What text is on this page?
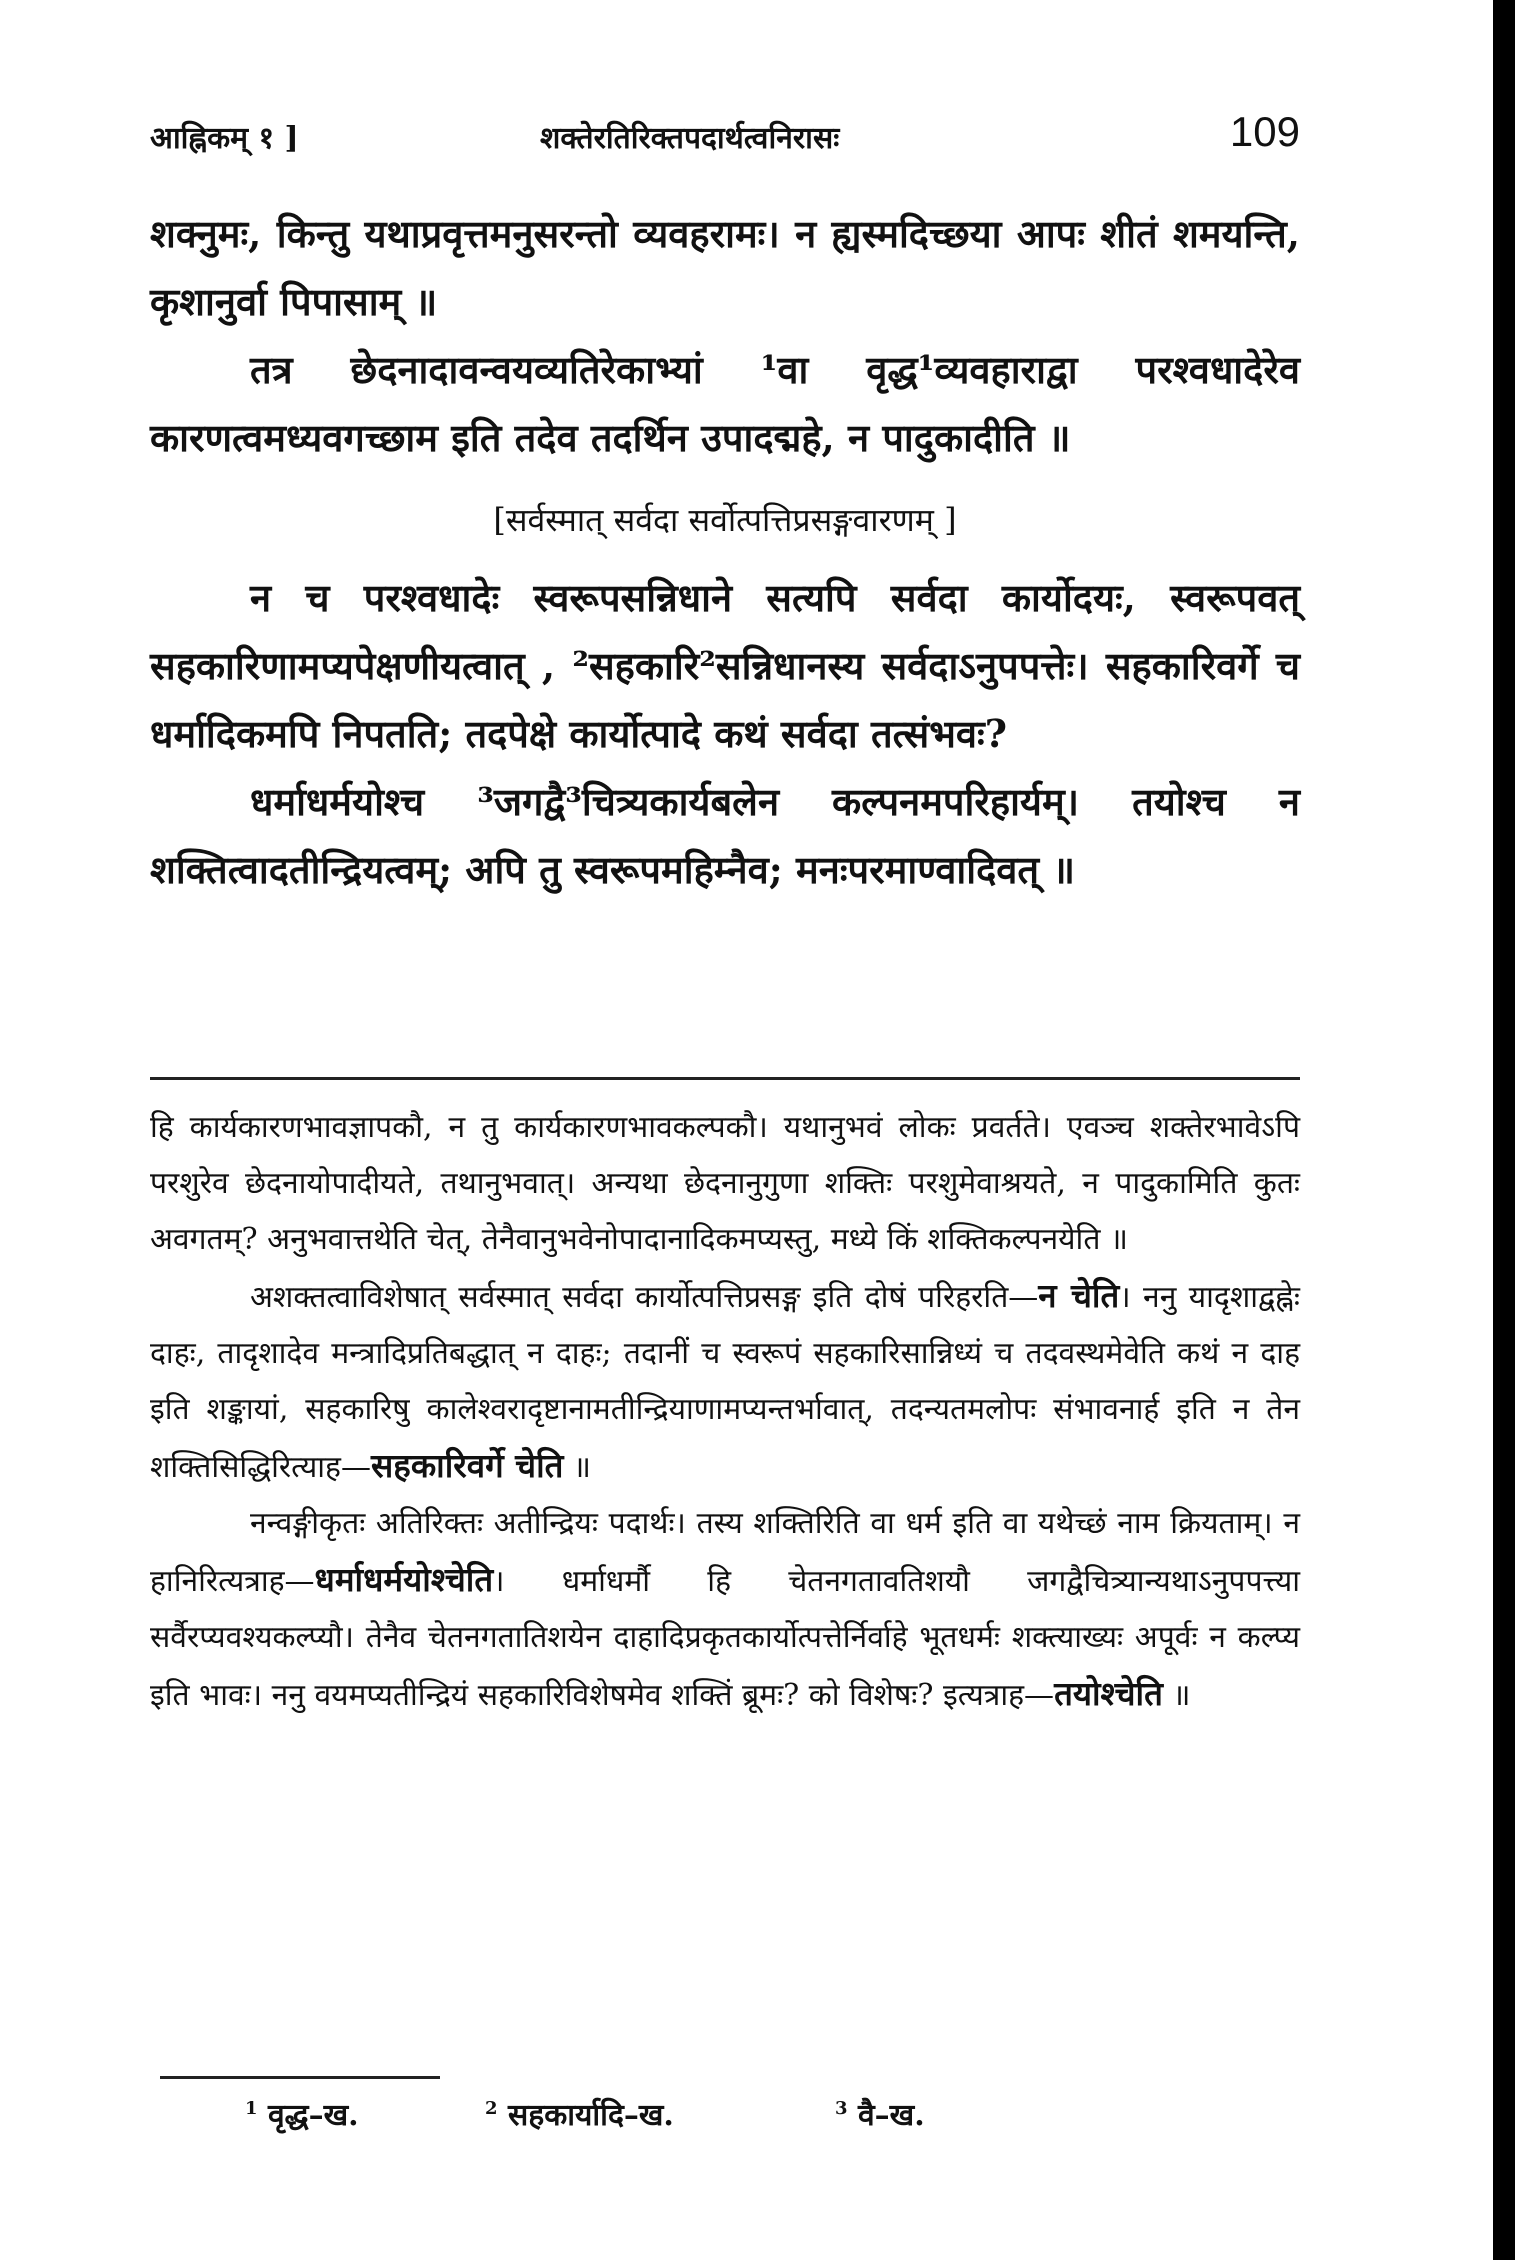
आह्निकम् १ ]	शक्तेरतिरिक्तपदार्थत्वनिरासः	109

शक्नुमः, किन्तु यथाप्रवृत्तमनुसरन्तो व्यवहरामः। न ह्यस्मदिच्छया आपः शीतं शमयन्ति, कृशानुर्वा पिपासाम् ॥

तत्र छेदनादावन्वयव्यतिरेकाभ्यां ¹वा वृद्ध¹व्यवहाराद्वा परश्वधादेरेव कारणत्वमध्यवगच्छाम इति तदेव तदर्थिन उपादद्महे, न पादुकादीति ॥

[सर्वस्मात् सर्वदा सर्वोत्पत्तिप्रसङ्गवारणम् ]

न च परश्वधादेः स्वरूपसन्निधाने सत्यपि सर्वदा कार्योदयः, स्वरूपवत् सहकारिणामप्यपेक्षणीयत्वात् , ²सहकारि²सन्निधानस्य सर्वदाऽनुपपत्तेः। सहकारिवर्गे च धर्मादिकमपि निपतति; तदपेक्षे कार्योत्पादे कथं सर्वदा तत्संभवः?

धर्माधर्मयोश्च ³जगद्वै³चित्र्यकार्यबलेन कल्पनमपरिहार्यम्। तयोश्च न शक्तित्वादतीन्द्रियत्वम्; अपि तु स्वरूपमहिम्नैव; मनःपरमाण्वादिवत् ॥

हि कार्यकारणभावज्ञापकौ, न तु कार्यकारणभावकल्पकौ। यथानुभवं लोकः प्रवर्तते। एवञ्च शक्तेरभावेऽपि परशुरेव छेदनायोपादीयते, तथानुभवात्। अन्यथा छेदनानुगुणा शक्तिः परशुमेवाश्रयते, न पादुकामिति कुतः अवगतम्? अनुभवात्तथेति चेत्, तेनैवानुभवेनोपादानादिकमप्यस्तु, मध्ये किं शक्तिकल्पनयेति ॥

अशक्तत्वाविशेषात् सर्वस्मात् सर्वदा कार्योत्पत्तिप्रसङ्ग इति दोषं परिहरति—न चेति। ननु यादृशाद्वह्नेः दाहः, तादृशादेव मन्त्रादिप्रतिबद्धात् न दाहः; तदानीं च स्वरूपं सहकारिसान्निध्यं च तदवस्थमेवेति कथं न दाह इति शङ्कायां, सहकारिषु कालेश्वरादृष्टानामतीन्द्रियाणामप्यन्तर्भावात्, तदन्यतमलोपः संभावनार्ह इति न तेन शक्तिसिद्धिरित्याह—सहकारिवर्गे चेति ॥

नन्वङ्गीकृतः अतिरिक्तः अतीन्द्रियः पदार्थः। तस्य शक्तिरिति वा धर्म इति वा यथेच्छं नाम क्रियताम्। न हानिरित्यत्राह—धर्माधर्मयोश्चेति। धर्माधर्मौ हि चेतनगतावतिशयौ जगद्वैचित्र्यान्यथाऽनुपपत्त्या सर्वैरप्यवश्यकल्प्यौ। तेनैव चेतनगतातिशयेन दाहादिप्रकृतकार्योत्पत्तेर्निर्वाहे भूतधर्मः शक्त्याख्यः अपूर्वः न कल्प्य इति भावः। ननु वयमप्यतीन्द्रियं सहकारिविशेषमेव शक्तिं ब्रूमः? को विशेषः? इत्यत्राह—तयोश्चेति ॥

$^1$ वृद्ध–ख.	$^2$ सहकार्यादि–ख.	$^3$ वै–ख.
